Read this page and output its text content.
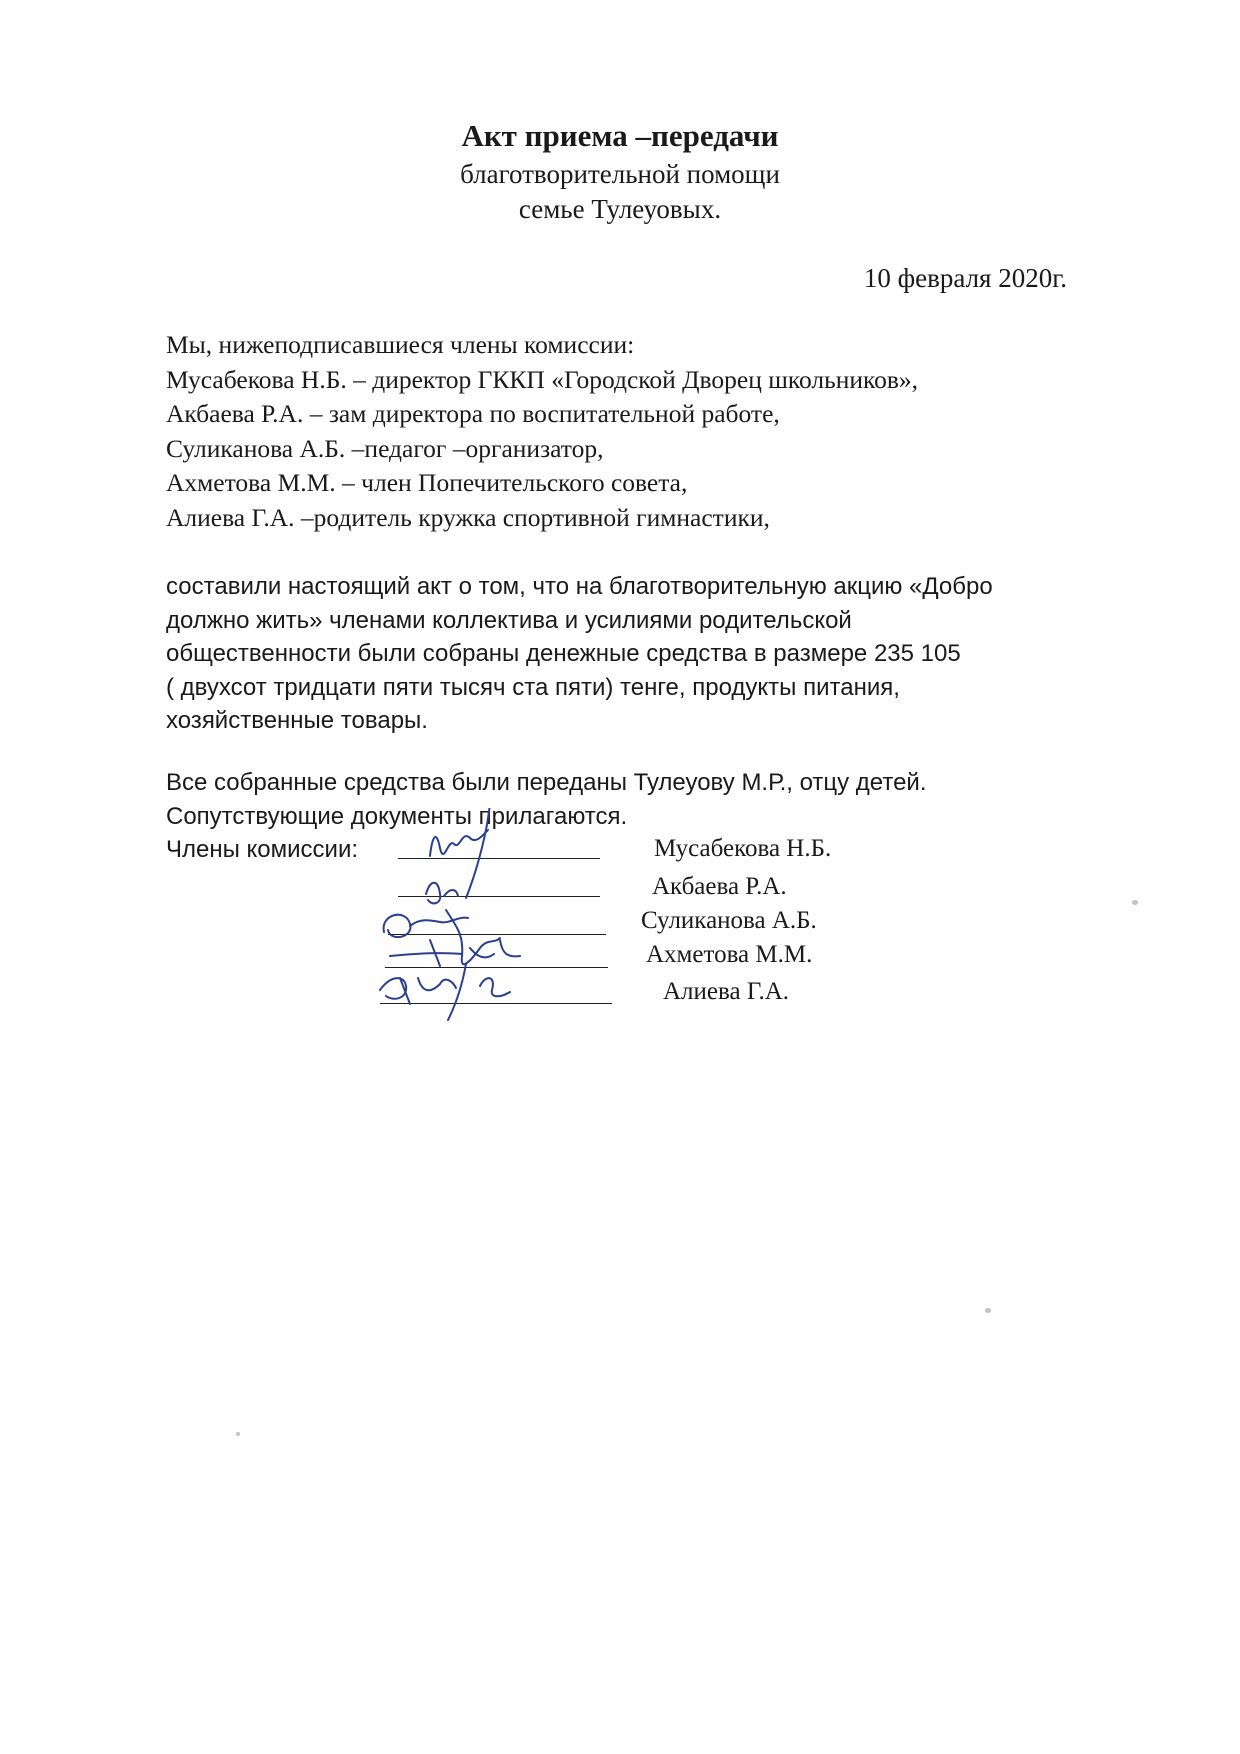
Акт приема –передачи
благотворительной помощи
семье Тулеуовых.
10 февраля 2020г.
Мы, нижеподписавшиеся члены комиссии:
Мусабекова Н.Б. – директор ГККП «Городской Дворец школьников»,
Акбаева Р.А. – зам директора по воспитательной работе,
Суликанова А.Б. –педагог –организатор,
Ахметова М.М. – член Попечительского совета,
Алиева Г.А. –родитель кружка спортивной гимнастики,
составили настоящий акт о том, что на благотворительную акцию «Добро
должно жить» членами коллектива и усилиями родительской
общественности были собраны денежные средства в размере 235 105
( двухсот тридцати пяти тысяч ста пяти) тенге, продукты питания,
хозяйственные товары.
Все собранные средства были переданы Тулеуову М.Р., отцу детей.
Сопутствующие документы прилагаются.
Члены комиссии:	Мусабекова Н.Б.
Акбаева Р.А.
Суликанова А.Б.
Ахметова М.М.
Алиева Г.А.
